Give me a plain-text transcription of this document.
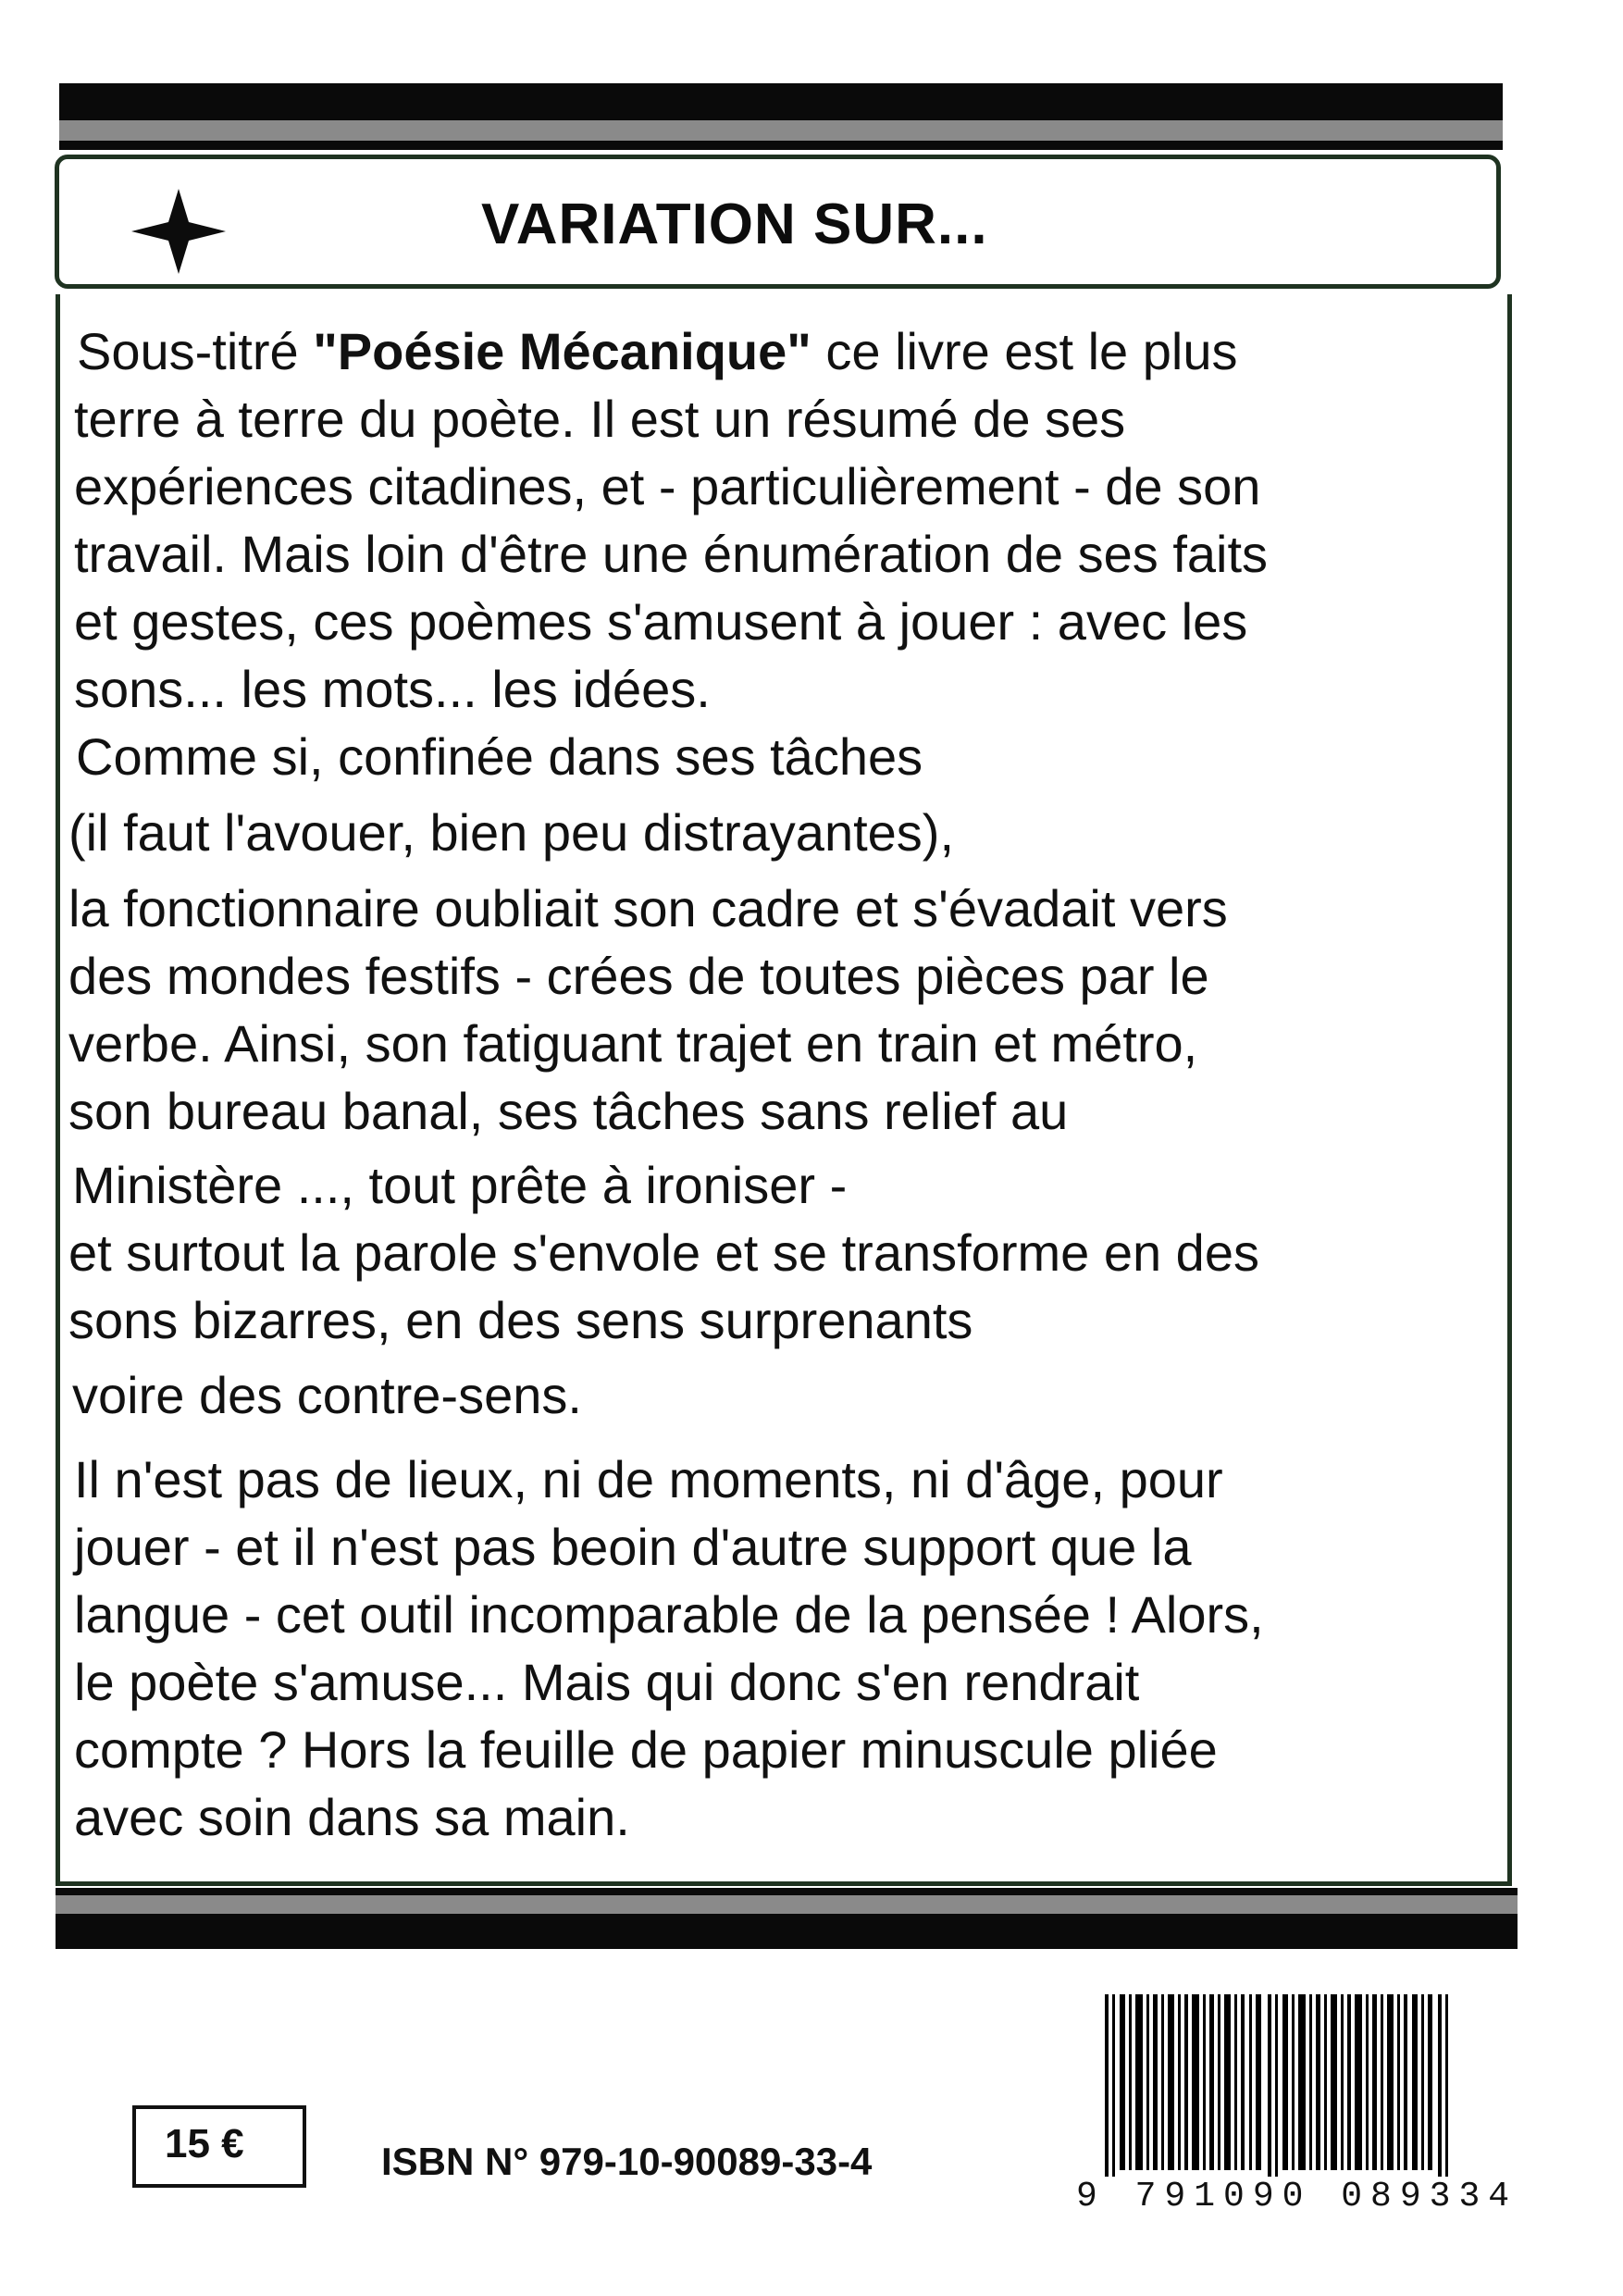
VARIATION SUR...
Sous-titré "Poésie Mécanique" ce livre est le plus
terre à terre du poète. Il est un résumé de ses
expériences citadines, et - particulièrement - de son
travail. Mais loin d'être une énumération de ses faits
et gestes, ces poèmes s'amusent à jouer : avec les
sons... les mots... les idées.
Comme si, confinée dans ses tâches
(il faut l'avouer, bien peu distrayantes),
la fonctionnaire oubliait son cadre et s'évadait vers
des mondes festifs - crées de toutes pièces par le
verbe. Ainsi, son fatiguant trajet en train et métro,
son bureau banal, ses tâches sans relief au
Ministère ..., tout prête à ironiser -
et surtout la parole s'envole et se transforme en des
sons bizarres, en des sens surprenants
voire des contre-sens.
Il n'est pas de lieux, ni de moments, ni d'âge, pour
jouer - et il n'est pas beoin d'autre support que la
langue - cet outil incomparable de la pensée ! Alors,
le poète s'amuse... Mais qui donc s'en rendrait
compte ? Hors la feuille de papier minuscule pliée
avec soin dans sa main.
15 €	ISBN N° 979-10-90089-33-4
9 791090 089334
